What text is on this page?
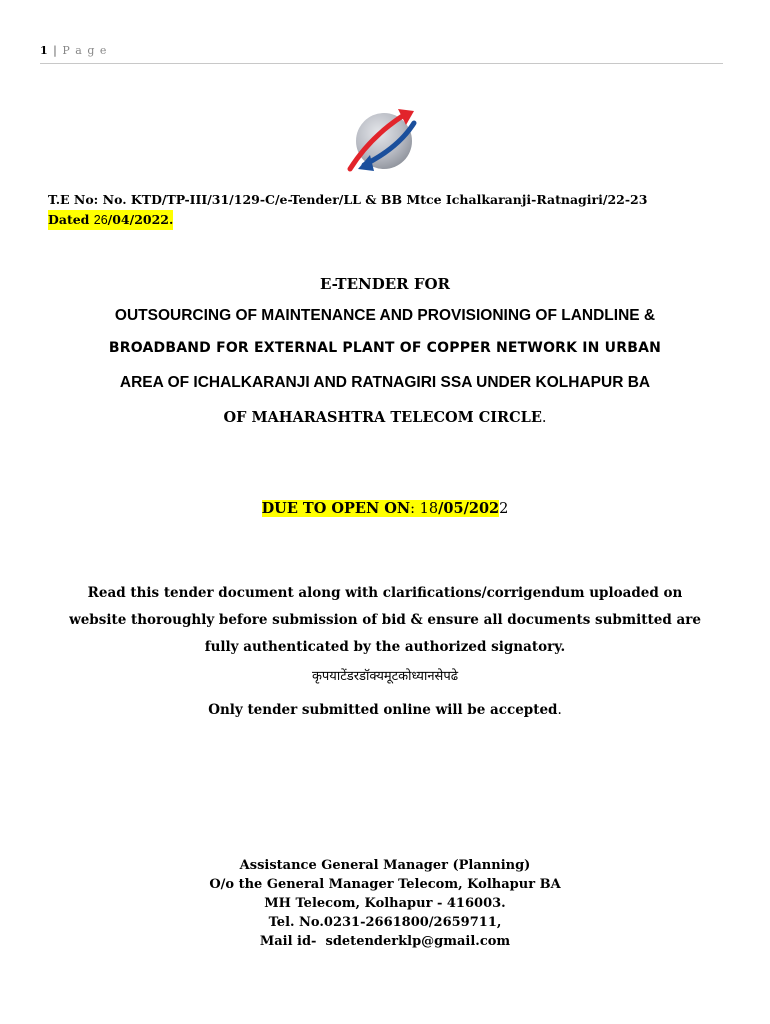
1 | P a g e
T.E No: No. KTD/TP-III/31/129-C/e-Tender/LL & BB Mtce Ichalkaranji-Ratnagiri/22-23
Dated 26/04/2022.

E-TENDER FOR

OUTSOURCING OF MAINTENANCE AND PROVISIONING OF LANDLINE &

BROADBAND FOR EXTERNAL PLANT OF COPPER NETWORK IN URBAN

AREA OF ICHALKARANJI AND RATNAGIRI SSA UNDER KOLHAPUR BA

OF MAHARASHTRA TELECOM CIRCLE.

DUE TO OPEN ON: 18/05/2022
Read this tender document along with clarifications/corrigendum uploaded on
website thoroughly before submission of bid & ensure all documents submitted are
fully authenticated by the authorized signatory.
कृपयाटेंडरडॉक्यमूटकोध्यानसेपढे
Only tender submitted online will be accepted.
Assistance General Manager (Planning)
O/o the General Manager Telecom, Kolhapur BA
MH Telecom, Kolhapur - 416003.
Tel. No.0231-2661800/2659711,
Mail id-  sdetenderklp@gmail.com
